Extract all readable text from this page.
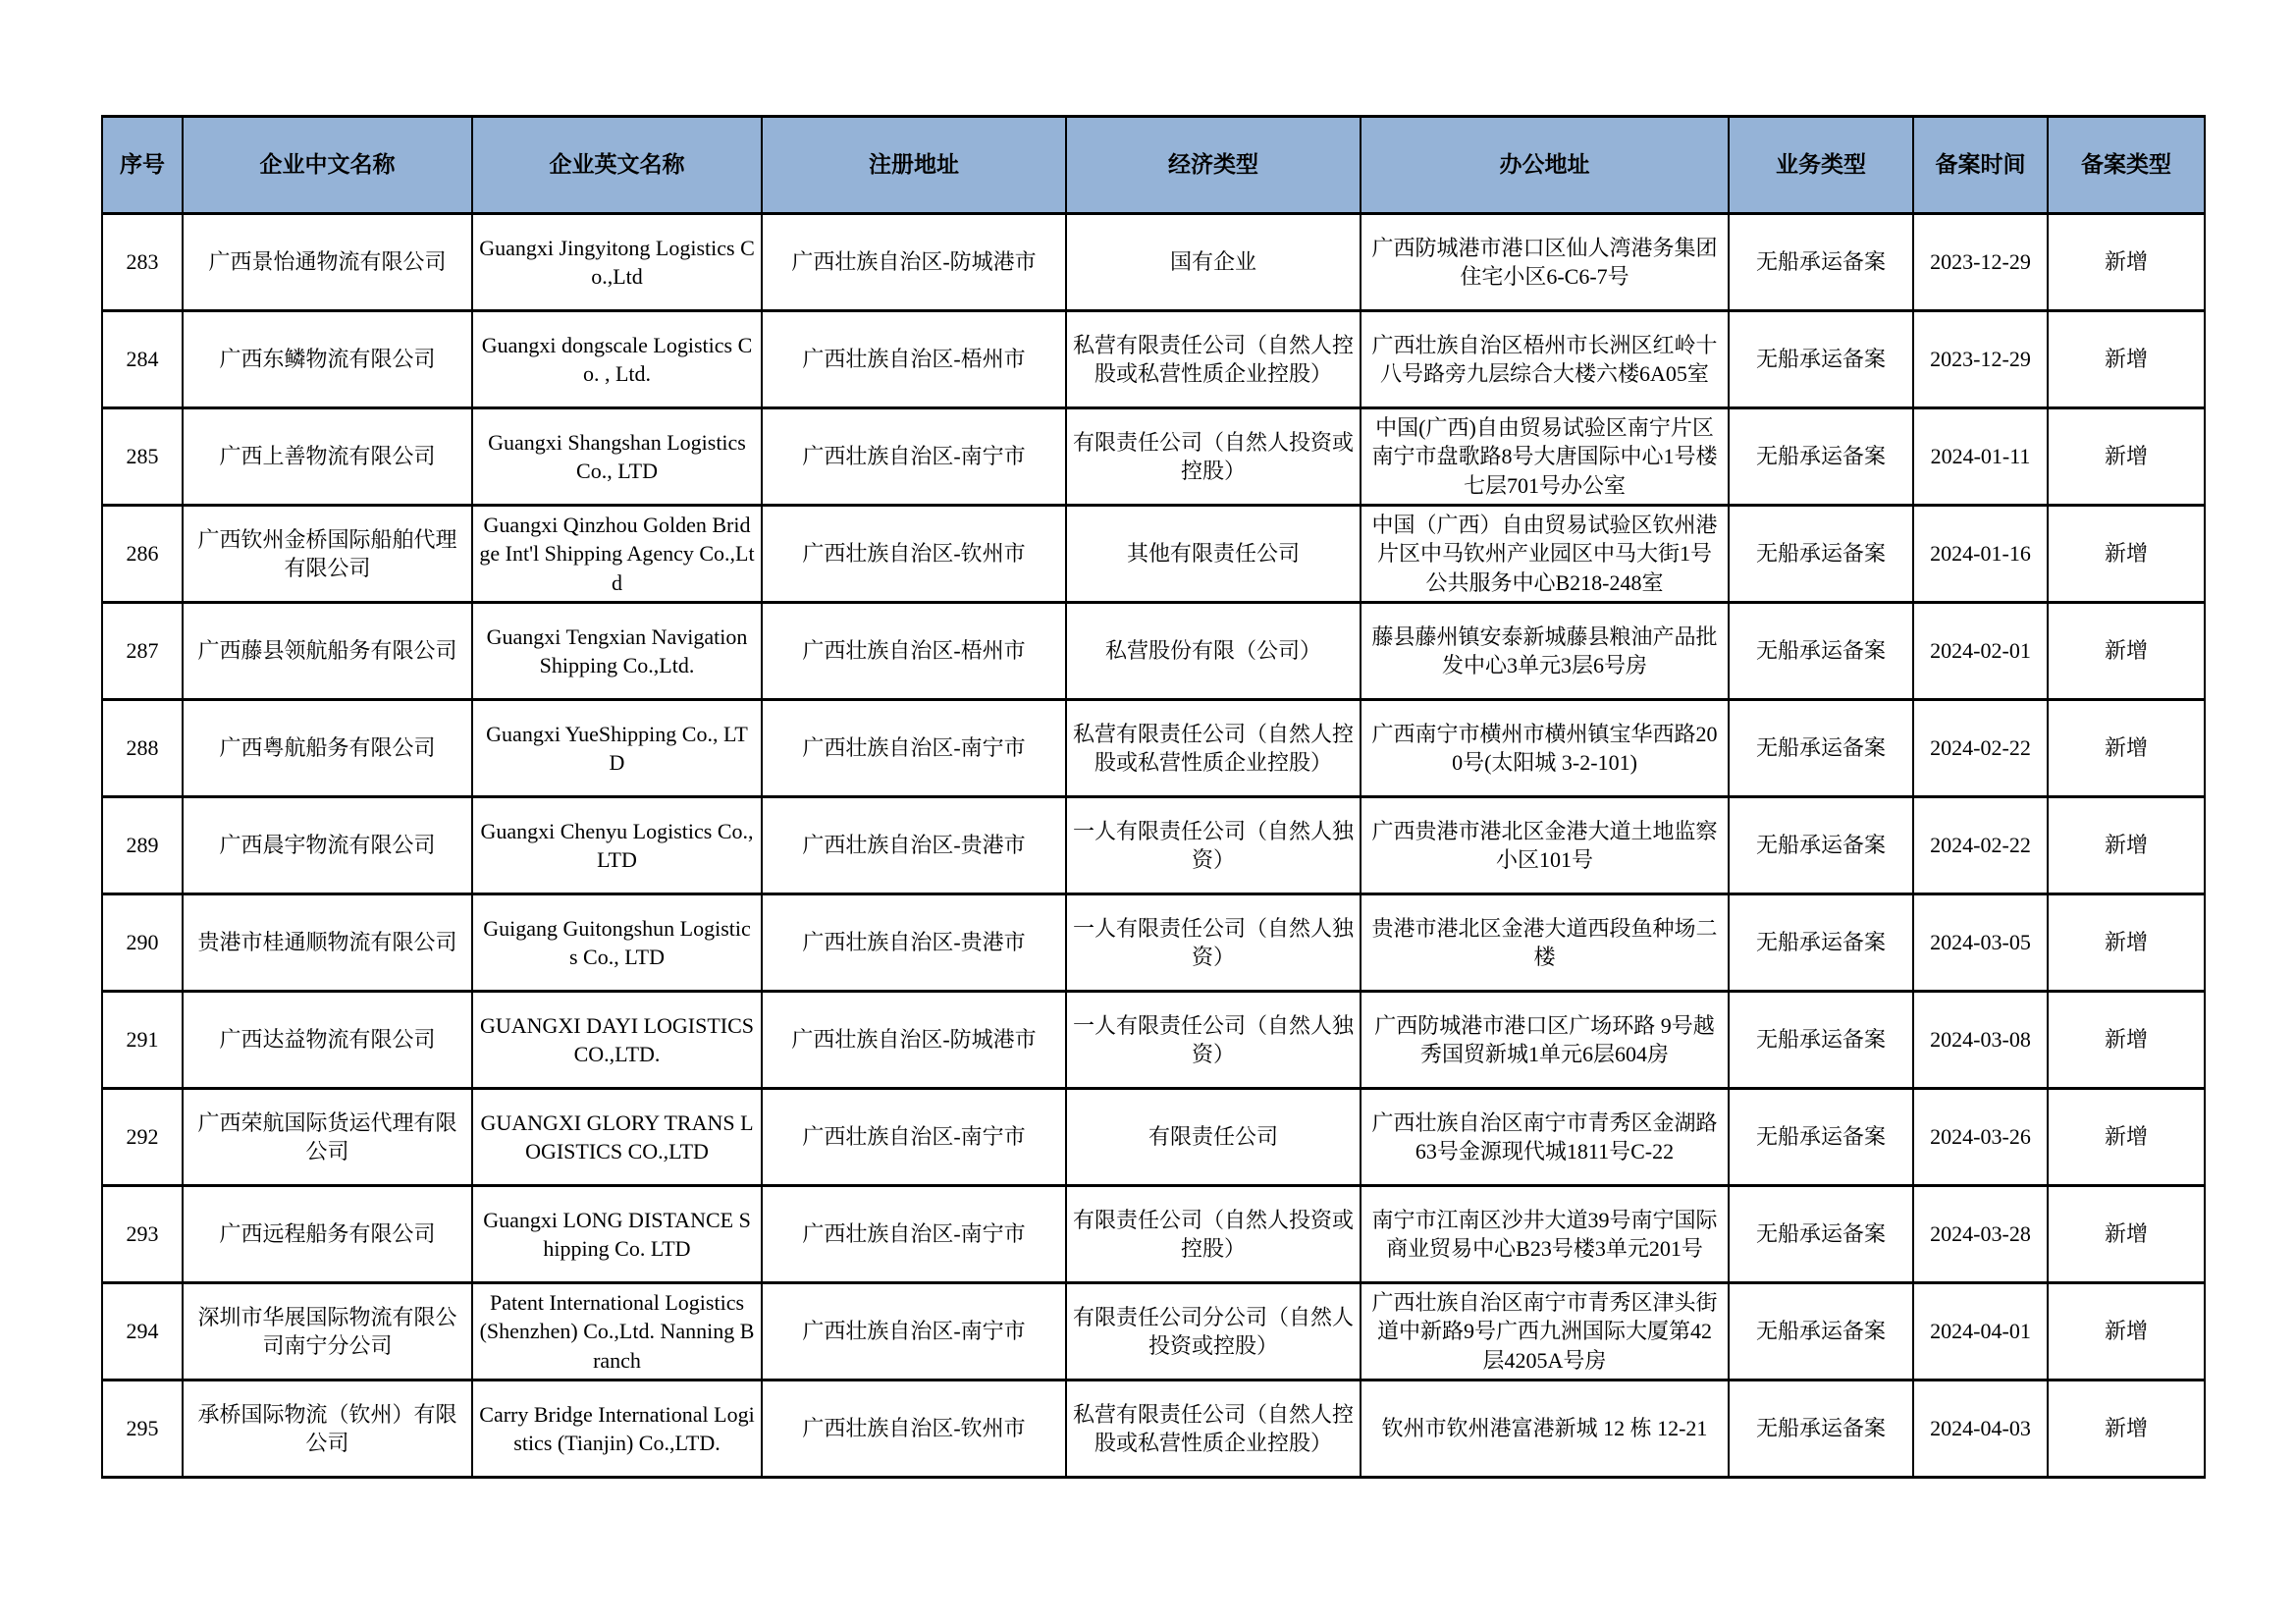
序号	企业中文名称	企业英文名称	注册地址	经济类型	办公地址	业务类型	备案时间	备案类型
283	广西景怡通物流有限公司	Guangxi Jingyitong Logistics Co.,Ltd	广西壮族自治区-防城港市	国有企业	广西防城港市港口区仙人湾港务集团住宅小区6-C6-7号	无船承运备案	2023-12-29	新增
284	广西东鳞物流有限公司	Guangxi dongscale Logistics Co. , Ltd.	广西壮族自治区-梧州市	私营有限责任公司（自然人控股或私营性质企业控股）	广西壮族自治区梧州市长洲区红岭十八号路旁九层综合大楼六楼6A05室	无船承运备案	2023-12-29	新增
285	广西上善物流有限公司	Guangxi Shangshan Logistics Co., LTD	广西壮族自治区-南宁市	有限责任公司（自然人投资或控股）	中国(广西)自由贸易试验区南宁片区南宁市盘歌路8号大唐国际中心1号楼七层701号办公室	无船承运备案	2024-01-11	新增
286	广西钦州金桥国际船舶代理有限公司	Guangxi Qinzhou Golden Bridge Int'l Shipping Agency Co.,Ltd	广西壮族自治区-钦州市	其他有限责任公司	中国（广西）自由贸易试验区钦州港片区中马钦州产业园区中马大街1号公共服务中心B218-248室	无船承运备案	2024-01-16	新增
287	广西藤县领航船务有限公司	Guangxi Tengxian Navigation Shipping Co.,Ltd.	广西壮族自治区-梧州市	私营股份有限（公司）	藤县藤州镇安泰新城藤县粮油产品批发中心3单元3层6号房	无船承运备案	2024-02-01	新增
288	广西粤航船务有限公司	Guangxi YueShipping Co., LTD	广西壮族自治区-南宁市	私营有限责任公司（自然人控股或私营性质企业控股）	广西南宁市横州市横州镇宝华西路200号(太阳城 3-2-101)	无船承运备案	2024-02-22	新增
289	广西晨宇物流有限公司	Guangxi Chenyu Logistics Co., LTD	广西壮族自治区-贵港市	一人有限责任公司（自然人独资）	广西贵港市港北区金港大道土地监察小区101号	无船承运备案	2024-02-22	新增
290	贵港市桂通顺物流有限公司	Guigang Guitongshun Logistics Co., LTD	广西壮族自治区-贵港市	一人有限责任公司（自然人独资）	贵港市港北区金港大道西段鱼种场二楼	无船承运备案	2024-03-05	新增
291	广西达益物流有限公司	GUANGXI DAYI LOGISTICS CO.,LTD.	广西壮族自治区-防城港市	一人有限责任公司（自然人独资）	广西防城港市港口区广场环路 9号越秀国贸新城1单元6层604房	无船承运备案	2024-03-08	新增
292	广西荣航国际货运代理有限公司	GUANGXI GLORY TRANS LOGISTICS CO.,LTD	广西壮族自治区-南宁市	有限责任公司	广西壮族自治区南宁市青秀区金湖路63号金源现代城1811号C-22	无船承运备案	2024-03-26	新增
293	广西远程船务有限公司	Guangxi LONG DISTANCE Shipping Co. LTD	广西壮族自治区-南宁市	有限责任公司（自然人投资或控股）	南宁市江南区沙井大道39号南宁国际商业贸易中心B23号楼3单元201号	无船承运备案	2024-03-28	新增
294	深圳市华展国际物流有限公司南宁分公司	Patent International Logistics (Shenzhen) Co.,Ltd. Nanning Branch	广西壮族自治区-南宁市	有限责任公司分公司（自然人投资或控股）	广西壮族自治区南宁市青秀区津头街道中新路9号广西九洲国际大厦第42层4205A号房	无船承运备案	2024-04-01	新增
295	承桥国际物流（钦州）有限公司	Carry Bridge International Logistics (Tianjin) Co.,LTD.	广西壮族自治区-钦州市	私营有限责任公司（自然人控股或私营性质企业控股）	钦州市钦州港富港新城 12 栋 12-21	无船承运备案	2024-04-03	新增
